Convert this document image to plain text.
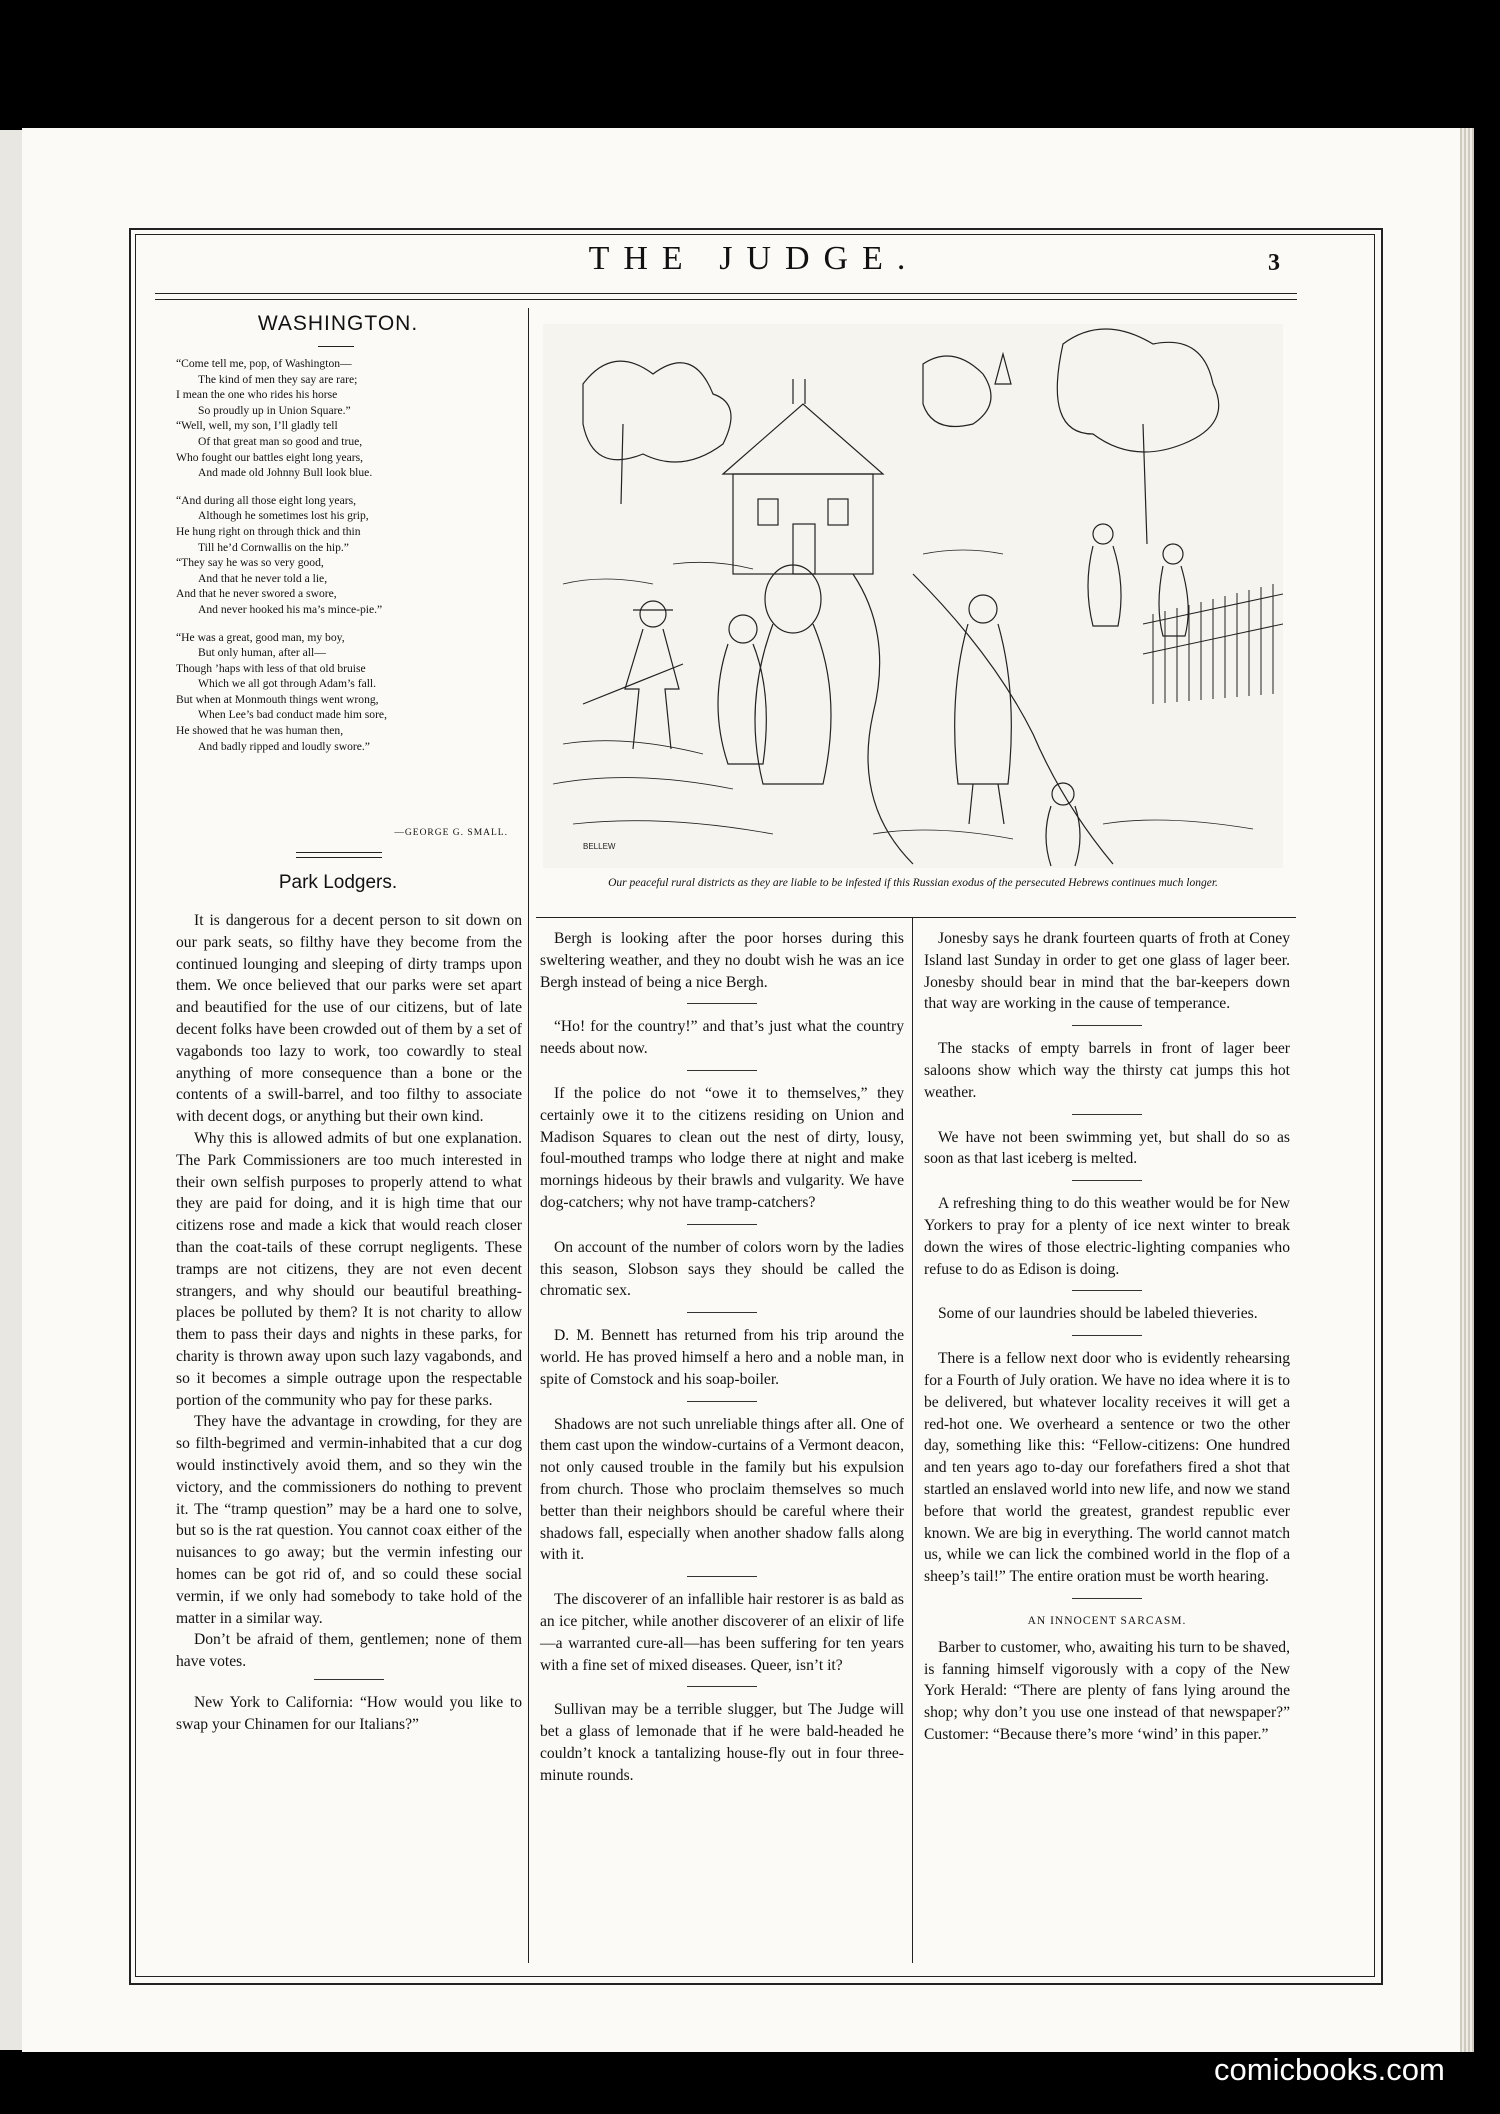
THE JUDGE.	3
WASHINGTON.

“Come tell me, pop, of Washington—

The kind of men they say are rare;

I mean the one who rides his horse

So proudly up in Union Square.”

“Well, well, my son, I’ll gladly tell

Of that great man so good and true,

Who fought our battles eight long years,

And made old Johnny Bull look blue.

“And during all those eight long years,

Although he sometimes lost his grip,

He hung right on through thick and thin

Till he’d Cornwallis on the hip.”

“They say he was so very good,

And that he never told a lie,

And that he never swored a swore,

And never hooked his ma’s mince-pie.”

“He was a great, good man, my boy,

But only human, after all—

Though ’haps with less of that old bruise

Which we all got through Adam’s fall.

But when at Monmouth things went wrong,

When Lee’s bad conduct made him sore,

He showed that he was human then,

And badly ripped and loudly swore.”

—GEORGE G. SMALL.
Park Lodgers.

It is dangerous for a decent person to sit down on our park seats, so filthy have they become from the continued lounging and sleeping of dirty tramps upon them. We once believed that our parks were set apart and beautified for the use of our citizens, but of late decent folks have been crowded out of them by a set of vagabonds too lazy to work, too cowardly to steal anything of more consequence than a bone or the contents of a swill-barrel, and too filthy to associate with decent dogs, or anything but their own kind.

Why this is allowed admits of but one explanation. The Park Commissioners are too much interested in their own selfish purposes to properly attend to what they are paid for doing, and it is high time that our citizens rose and made a kick that would reach closer than the coat-tails of these corrupt negligents. These tramps are not citizens, they are not even decent strangers, and why should our beautiful breathing-places be polluted by them? It is not charity to allow them to pass their days and nights in these parks, for charity is thrown away upon such lazy vagabonds, and so it becomes a simple outrage upon the respectable portion of the community who pay for these parks.

They have the advantage in crowding, for they are so filth-begrimed and vermin-inhabited that a cur dog would instinctively avoid them, and so they win the victory, and the commissioners do nothing to prevent it. The “tramp question” may be a hard one to solve, but so is the rat question. You cannot coax either of the nuisances to go away; but the vermin infesting our homes can be got rid of, and so could these social vermin, if we only had somebody to take hold of the matter in a similar way.

Don’t be afraid of them, gentlemen; none of them have votes.

New York to California: “How would you like to swap your Chinamen for our Italians?”

BELLEW
Our peaceful rural districts as they are liable to be infested if this Russian exodus of the persecuted Hebrews continues much longer.

Bergh is looking after the poor horses during this sweltering weather, and they no doubt wish he was an ice Bergh instead of being a nice Bergh.

“Ho! for the country!” and that’s just what the country needs about now.

If the police do not “owe it to themselves,” they certainly owe it to the citizens residing on Union and Madison Squares to clean out the nest of dirty, lousy, foul-mouthed tramps who lodge there at night and make mornings hideous by their brawls and vulgarity. We have dog-catchers; why not have tramp-catchers?

On account of the number of colors worn by the ladies this season, Slobson says they should be called the chromatic sex.

D. M. Bennett has returned from his trip around the world. He has proved himself a hero and a noble man, in spite of Comstock and his soap-boiler.

Shadows are not such unreliable things after all. One of them cast upon the window-curtains of a Vermont deacon, not only caused trouble in the family but his expulsion from church. Those who proclaim themselves so much better than their neighbors should be careful where their shadows fall, especially when another shadow falls along with it.

The discoverer of an infallible hair restorer is as bald as an ice pitcher, while another discoverer of an elixir of life—a warranted cure-all—has been suffering for ten years with a fine set of mixed diseases. Queer, isn’t it?

Sullivan may be a terrible slugger, but The Judge will bet a glass of lemonade that if he were bald-headed he couldn’t knock a tantalizing house-fly out in four three-minute rounds.

Jonesby says he drank fourteen quarts of froth at Coney Island last Sunday in order to get one glass of lager beer. Jonesby should bear in mind that the bar-keepers down that way are working in the cause of temperance.

The stacks of empty barrels in front of lager beer saloons show which way the thirsty cat jumps this hot weather.

We have not been swimming yet, but shall do so as soon as that last iceberg is melted.

A refreshing thing to do this weather would be for New Yorkers to pray for a plenty of ice next winter to break down the wires of those electric-lighting companies who refuse to do as Edison is doing.

Some of our laundries should be labeled thieveries.

There is a fellow next door who is evidently rehearsing for a Fourth of July oration. We have no idea where it is to be delivered, but whatever locality receives it will get a red-hot one. We overheard a sentence or two the other day, something like this: “Fellow-citizens: One hundred and ten years ago to-day our forefathers fired a shot that startled an enslaved world into new life, and now we stand before that world the greatest, grandest republic ever known. We are big in everything. The world cannot match us, while we can lick the combined world in the flop of a sheep’s tail!” The entire oration must be worth hearing.

AN INNOCENT SARCASM.

Barber to customer, who, awaiting his turn to be shaved, is fanning himself vigorously with a copy of the New York Herald: “There are plenty of fans lying around the shop; why don’t you use one instead of that newspaper?” Customer: “Because there’s more ‘wind’ in this paper.”

comicbooks.com
